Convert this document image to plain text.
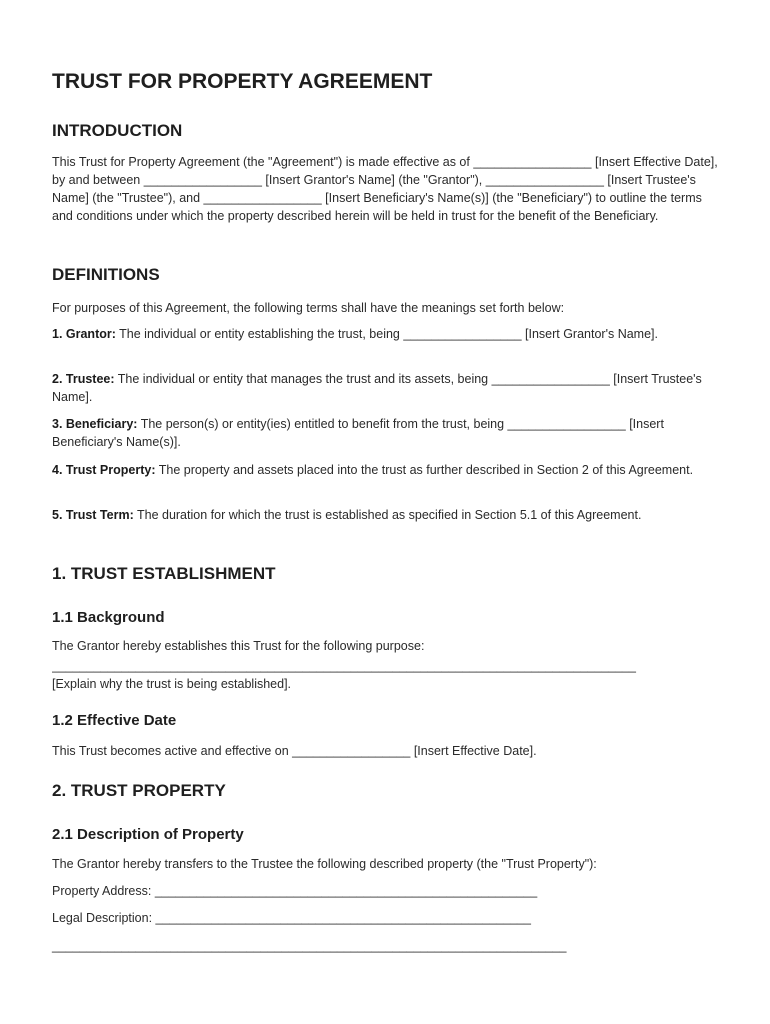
TRUST FOR PROPERTY AGREEMENT
INTRODUCTION

This Trust for Property Agreement (the "Agreement") is made effective as of _________________ [Insert Effective Date], by and between _________________ [Insert Grantor's Name] (the "Grantor"), _________________ [Insert Trustee's Name] (the "Trustee"), and _________________ [Insert Beneficiary's Name(s)] (the "Beneficiary") to outline the terms and conditions under which the property described herein will be held in trust for the benefit of the Beneficiary.

DEFINITIONS

For purposes of this Agreement, the following terms shall have the meanings set forth below:

1. Grantor: The individual or entity establishing the trust, being _________________ [Insert Grantor's Name].

2. Trustee: The individual or entity that manages the trust and its assets, being _________________ [Insert Trustee's Name].

3. Beneficiary: The person(s) or entity(ies) entitled to benefit from the trust, being _________________ [Insert Beneficiary's Name(s)].

4. Trust Property: The property and assets placed into the trust as further described in Section 2 of this Agreement.

5. Trust Term: The duration for which the trust is established as specified in Section 5.1 of this Agreement.

1. TRUST ESTABLISHMENT
1.1 Background

The Grantor hereby establishes this Trust for the following purpose:

____________________________________________________________________________________

[Explain why the trust is being established].

1.2 Effective Date

This Trust becomes active and effective on _________________ [Insert Effective Date].

2. TRUST PROPERTY
2.1 Description of Property

The Grantor hereby transfers to the Trustee the following described property (the "Trust Property"):

Property Address: _______________________________________________________

Legal Description: ______________________________________________________

__________________________________________________________________________
